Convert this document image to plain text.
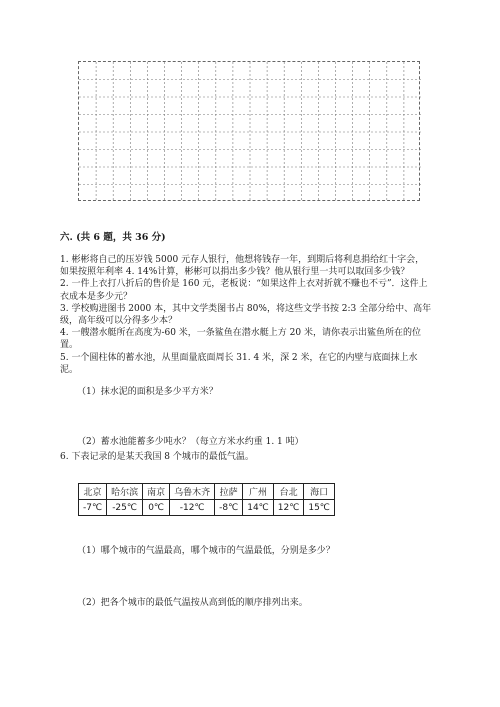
六. (共 6 题，共 36 分)

1. 彬彬将自己的压岁钱 5000 元存人银行，他想将钱存一年，到期后将利息捐给红十字会，如果按照年利率 4. 14%计算，彬彬可以捐出多少钱？他从银行里一共可以取回多少钱？

2. 一件上衣打八折后的售价是 160 元，老板说：“如果这件上衣对折就不赚也不亏”．这件上衣成本是多少元？

3. 学校购进图书 2000 本，其中文学类图书占 80%，将这些文学书按 2:3 全部分给中、高年级，高年级可以分得多少本？

4. 一艘潜水艇所在高度为-60 米，一条鲨鱼在潜水艇上方 20 米，请你表示出鲨鱼所在的位置。

5. 一个圆柱体的蓄水池，从里面量底面周长 31. 4 米，深 2 米，在它的内壁与底面抹上水泥。

（1）抹水泥的面积是多少平方米？
（2）蓄水池能蓄多少吨水？（每立方米水约重 1. 1 吨）
6. 下表记录的是某天我国 8 个城市的最低气温。
北京	哈尔滨	南京	乌鲁木齐	拉萨	广州	台北	海口
-7℃	-25℃	0℃	-12℃	-8℃	14℃	12℃	15℃
（1）哪个城市的气温最高，哪个城市的气温最低，分别是多少？
（2）把各个城市的最低气温按从高到低的顺序排列出来。
